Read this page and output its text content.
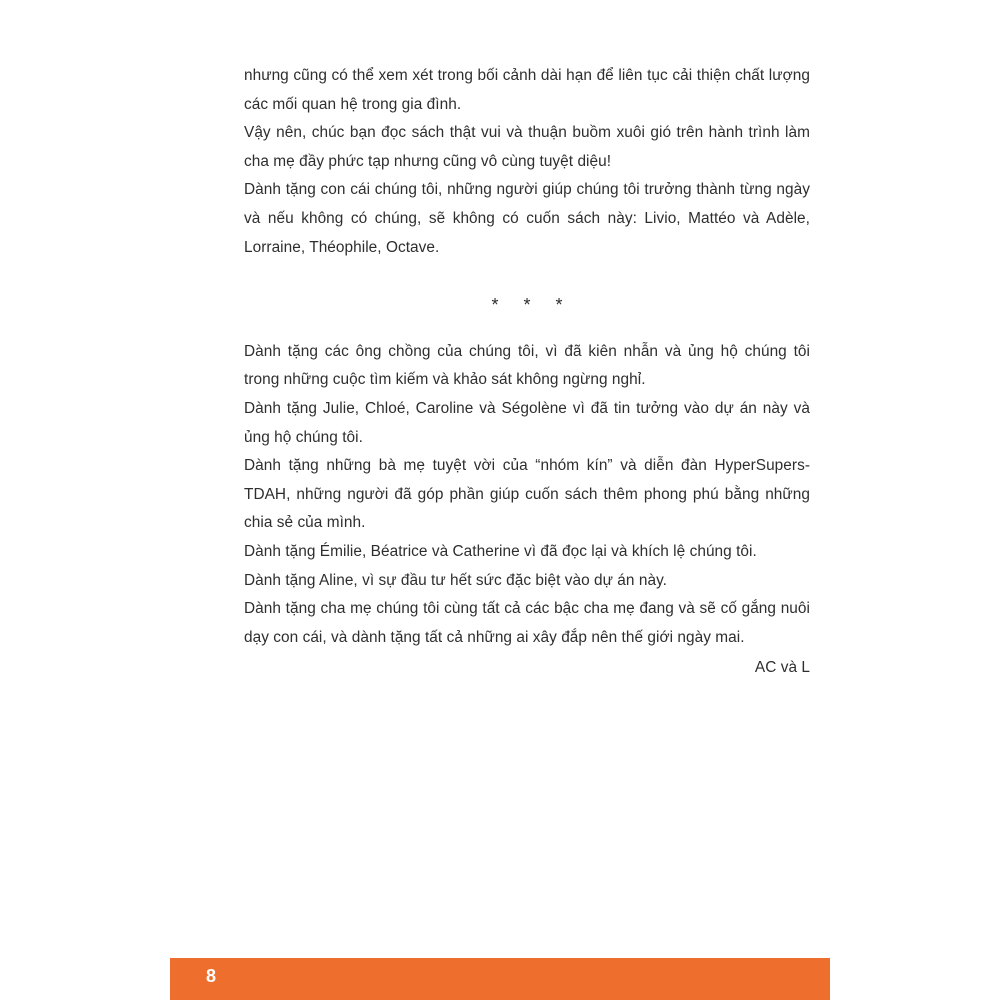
nhưng cũng có thể xem xét trong bối cảnh dài hạn để liên tục cải thiện chất lượng các mối quan hệ trong gia đình.

Vậy nên, chúc bạn đọc sách thật vui và thuận buồm xuôi gió trên hành trình làm cha mẹ đầy phức tạp nhưng cũng vô cùng tuyệt diệu!

Dành tặng con cái chúng tôi, những người giúp chúng tôi trưởng thành từng ngày và nếu không có chúng, sẽ không có cuốn sách này: Livio, Mattéo và Adèle, Lorraine, Théophile, Octave.

* * *

Dành tặng các ông chồng của chúng tôi, vì đã kiên nhẫn và ủng hộ chúng tôi trong những cuộc tìm kiếm và khảo sát không ngừng nghỉ.

Dành tặng Julie, Chloé, Caroline và Ségolène vì đã tin tưởng vào dự án này và ủng hộ chúng tôi.

Dành tặng những bà mẹ tuyệt vời của “nhóm kín” và diễn đàn HyperSupers-TDAH, những người đã góp phần giúp cuốn sách thêm phong phú bằng những chia sẻ của mình.

Dành tặng Émilie, Béatrice và Catherine vì đã đọc lại và khích lệ chúng tôi.

Dành tặng Aline, vì sự đầu tư hết sức đặc biệt vào dự án này.

Dành tặng cha mẹ chúng tôi cùng tất cả các bậc cha mẹ đang và sẽ cố gắng nuôi dạy con cái, và dành tặng tất cả những ai xây đắp nên thế giới ngày mai.

AC và L
8
